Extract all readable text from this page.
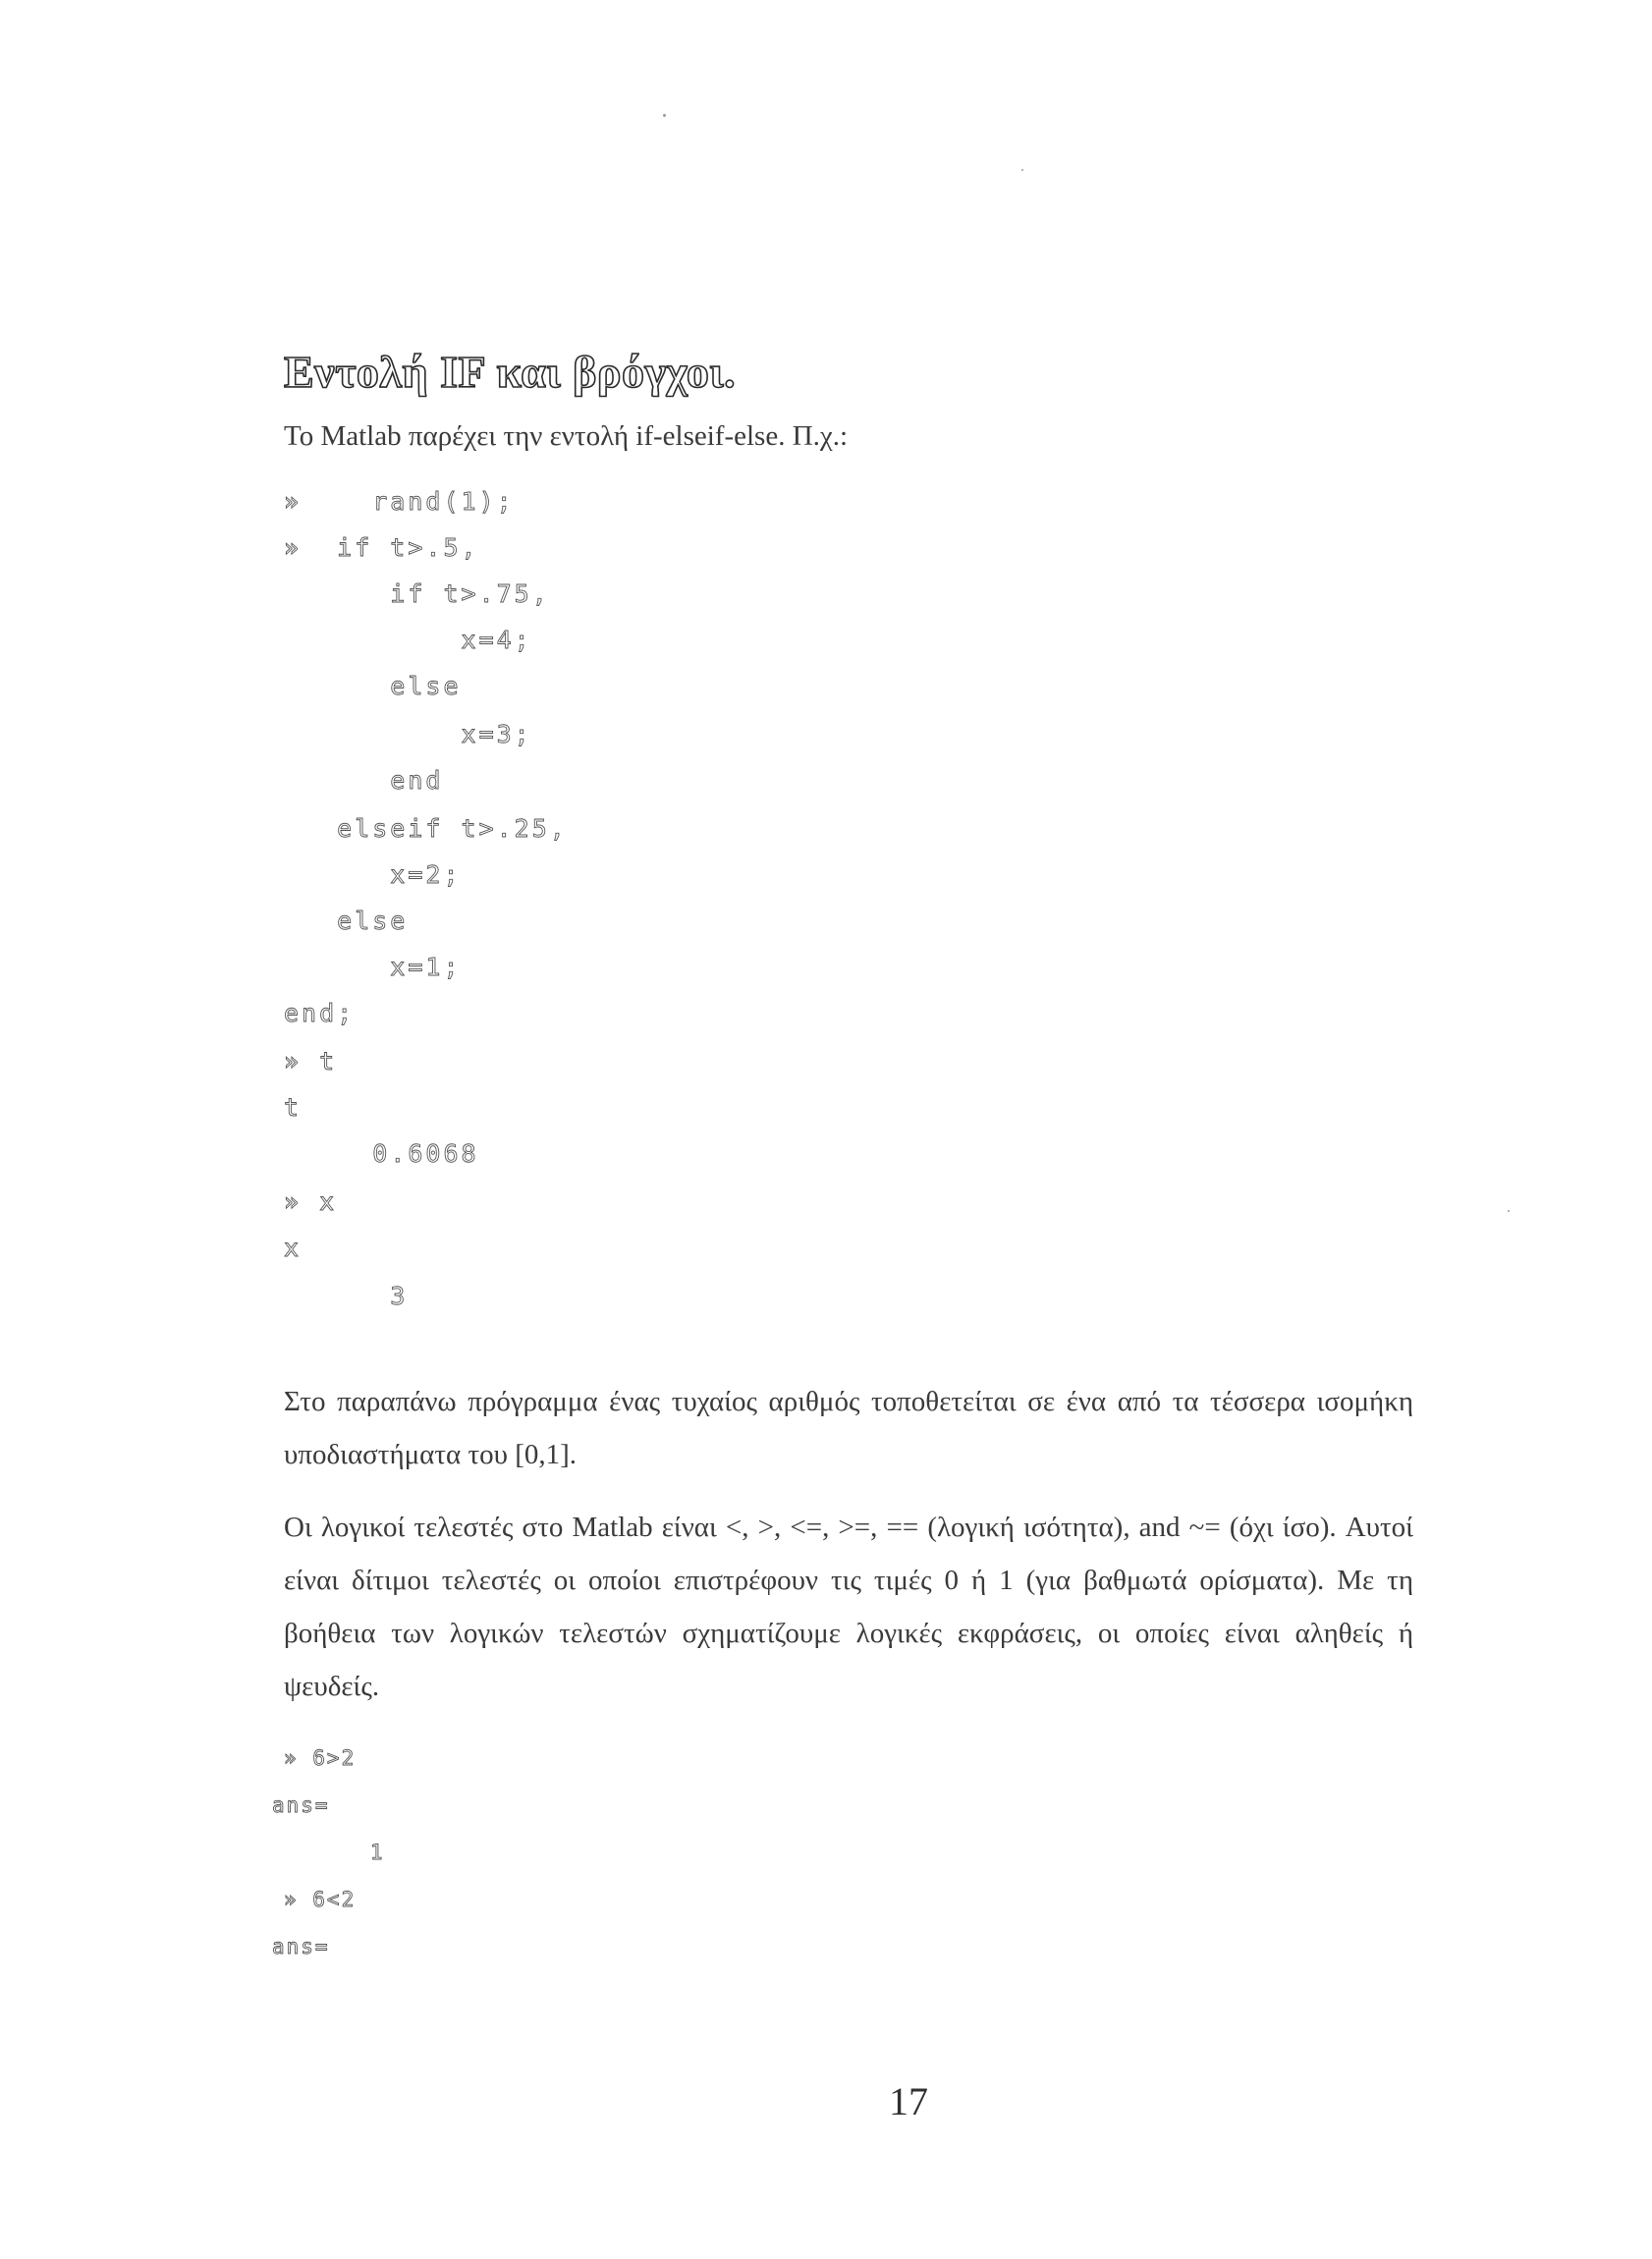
Εντολή IF και βρόγχοι.
Το Matlab παρέχει την εντολή if-elseif-else. Π.χ.:
»    rand(1);
»  if t>.5,
if t>.75,
x=4;
else
x=3;
end
elseif t>.25,
x=2;
else
x=1;
end;
» t
t
0.6068
» x
x
3
Στο παραπάνω πρόγραμμα ένας τυχαίος αριθμός τοποθετείται σε ένα από τα τέσσερα ισομήκη υποδιαστήματα του [0,1].
Οι λογικοί τελεστές στο Matlab είναι <, >, <=, >=, == (λογική ισότητα), and ~= (όχι ίσο). Αυτοί είναι δίτιμοι τελεστές οι οποίοι επιστρέφουν τις τιμές 0 ή 1 (για βαθμωτά ορίσματα). Με τη βοήθεια των λογικών τελεστών σχηματίζουμε λογικές εκφράσεις, οι οποίες είναι αληθείς ή ψευδείς.
» 6>2
ans=
1
» 6<2
ans=
17
